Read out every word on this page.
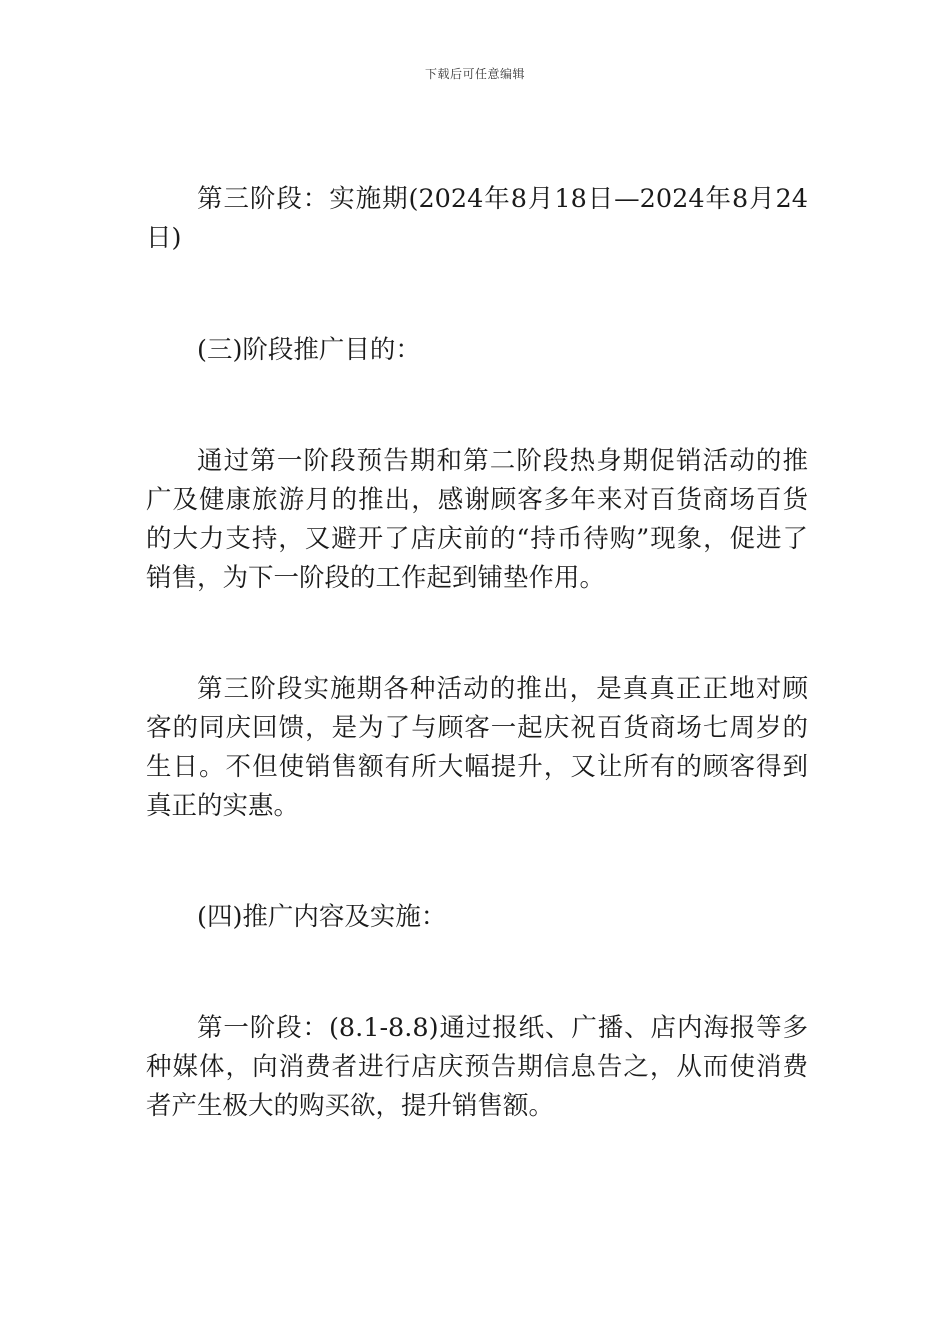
下载后可任意编辑

第三阶段：实施期(2024年8月18日—2024年8月24日)

(三)阶段推广目的：

通过第一阶段预告期和第二阶段热身期促销活动的推广及健康旅游月的推出，感谢顾客多年来对百货商场百货的大力支持，又避开了店庆前的“持币待购”现象，促进了销售，为下一阶段的工作起到铺垫作用。

第三阶段实施期各种活动的推出，是真真正正地对顾客的同庆回馈，是为了与顾客一起庆祝百货商场七周岁的生日。不但使销售额有所大幅提升，又让所有的顾客得到真正的实惠。

(四)推广内容及实施：

第一阶段：(8.1-8.8)通过报纸、广播、店内海报等多种媒体，向消费者进行店庆预告期信息告之，从而使消费者产生极大的购买欲，提升销售额。
